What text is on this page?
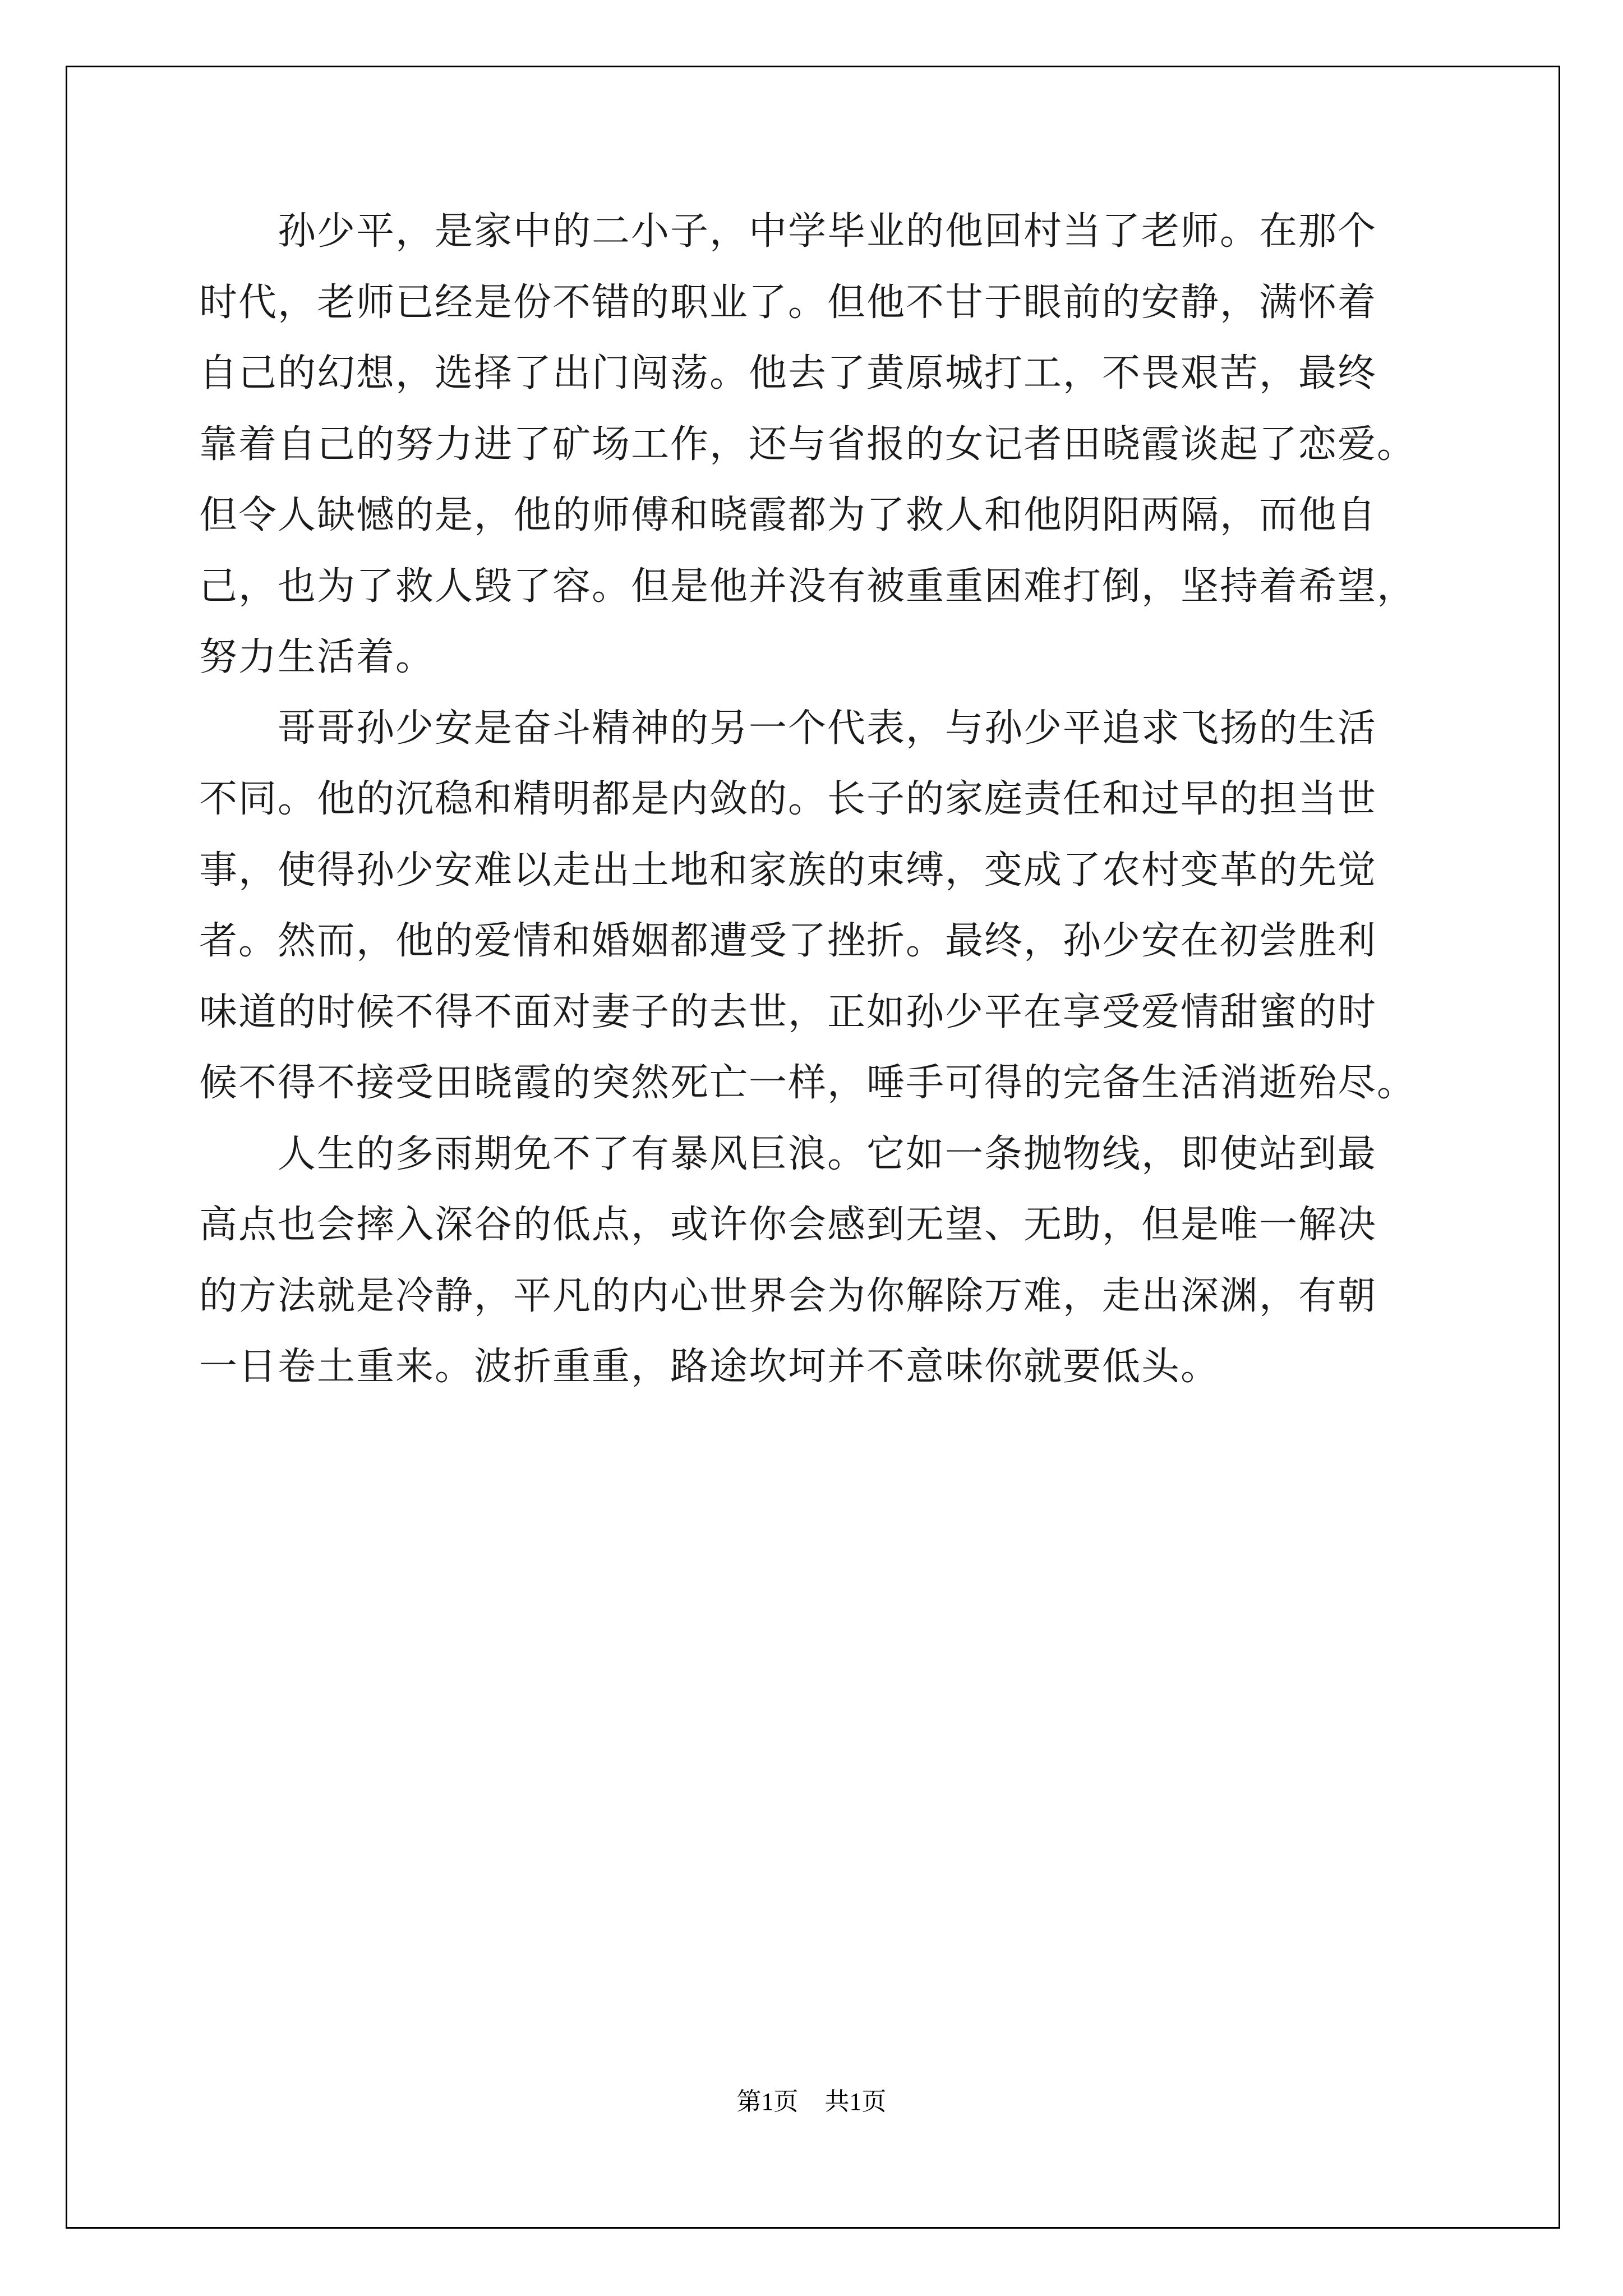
孙少平，是家中的二小子，中学毕业的他回村当了老师。在那个
时代，老师已经是份不错的职业了。但他不甘于眼前的安静，满怀着
自己的幻想，选择了出门闯荡。他去了黄原城打工，不畏艰苦，最终
靠着自己的努力进了矿场工作，还与省报的女记者田晓霞谈起了恋爱。
但令人缺憾的是，他的师傅和晓霞都为了救人和他阴阳两隔，而他自
己，也为了救人毁了容。但是他并没有被重重困难打倒，坚持着希望，
努力生活着。

哥哥孙少安是奋斗精神的另一个代表，与孙少平追求飞扬的生活
不同。他的沉稳和精明都是内敛的。长子的家庭责任和过早的担当世
事，使得孙少安难以走出土地和家族的束缚，变成了农村变革的先觉
者。然而，他的爱情和婚姻都遭受了挫折。最终，孙少安在初尝胜利
味道的时候不得不面对妻子的去世，正如孙少平在享受爱情甜蜜的时
候不得不接受田晓霞的突然死亡一样，唾手可得的完备生活消逝殆尽。

人生的多雨期免不了有暴风巨浪。它如一条抛物线，即使站到最
高点也会摔入深谷的低点，或许你会感到无望、无助，但是唯一解决
的方法就是冷静，平凡的内心世界会为你解除万难，走出深渊，有朝
一日卷土重来。波折重重，路途坎坷并不意味你就要低头。

第1页 共1页
